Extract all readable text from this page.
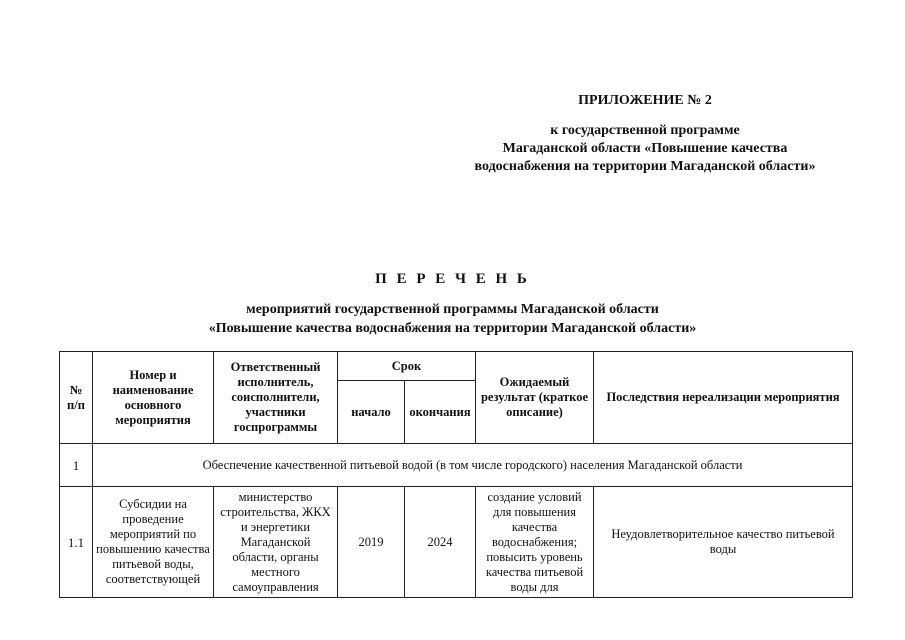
ПРИЛОЖЕНИЕ № 2
к государственной программе
Магаданской области «Повышение качества
водоснабжения на территории Магаданской области»
П Е Р Е Ч Е Н Ь
мероприятий государственной программы Магаданской области
«Повышение качества водоснабжения на территории Магаданской области»
№ п/п	Номер и наименование основного мероприятия	Ответственный исполнитель, соисполнители, участники госпрограммы	Срок		Ожидаемый результат (краткое описание)	Последствия нереализации мероприятия
			начало	окончания		
1	Обеспечение качественной питьевой водой (в том числе городского) населения Магаданской области					
1.1	Субсидии на проведение мероприятий по повышению качества питьевой воды, соответствующей	министерство строительства, ЖКХ и энергетики Магаданской области, органы местного самоуправления	2019	2024	создание условий для повышения качества водоснабжения; повысить уровень качества питьевой воды для	Неудовлетворительное качество питьевой воды
